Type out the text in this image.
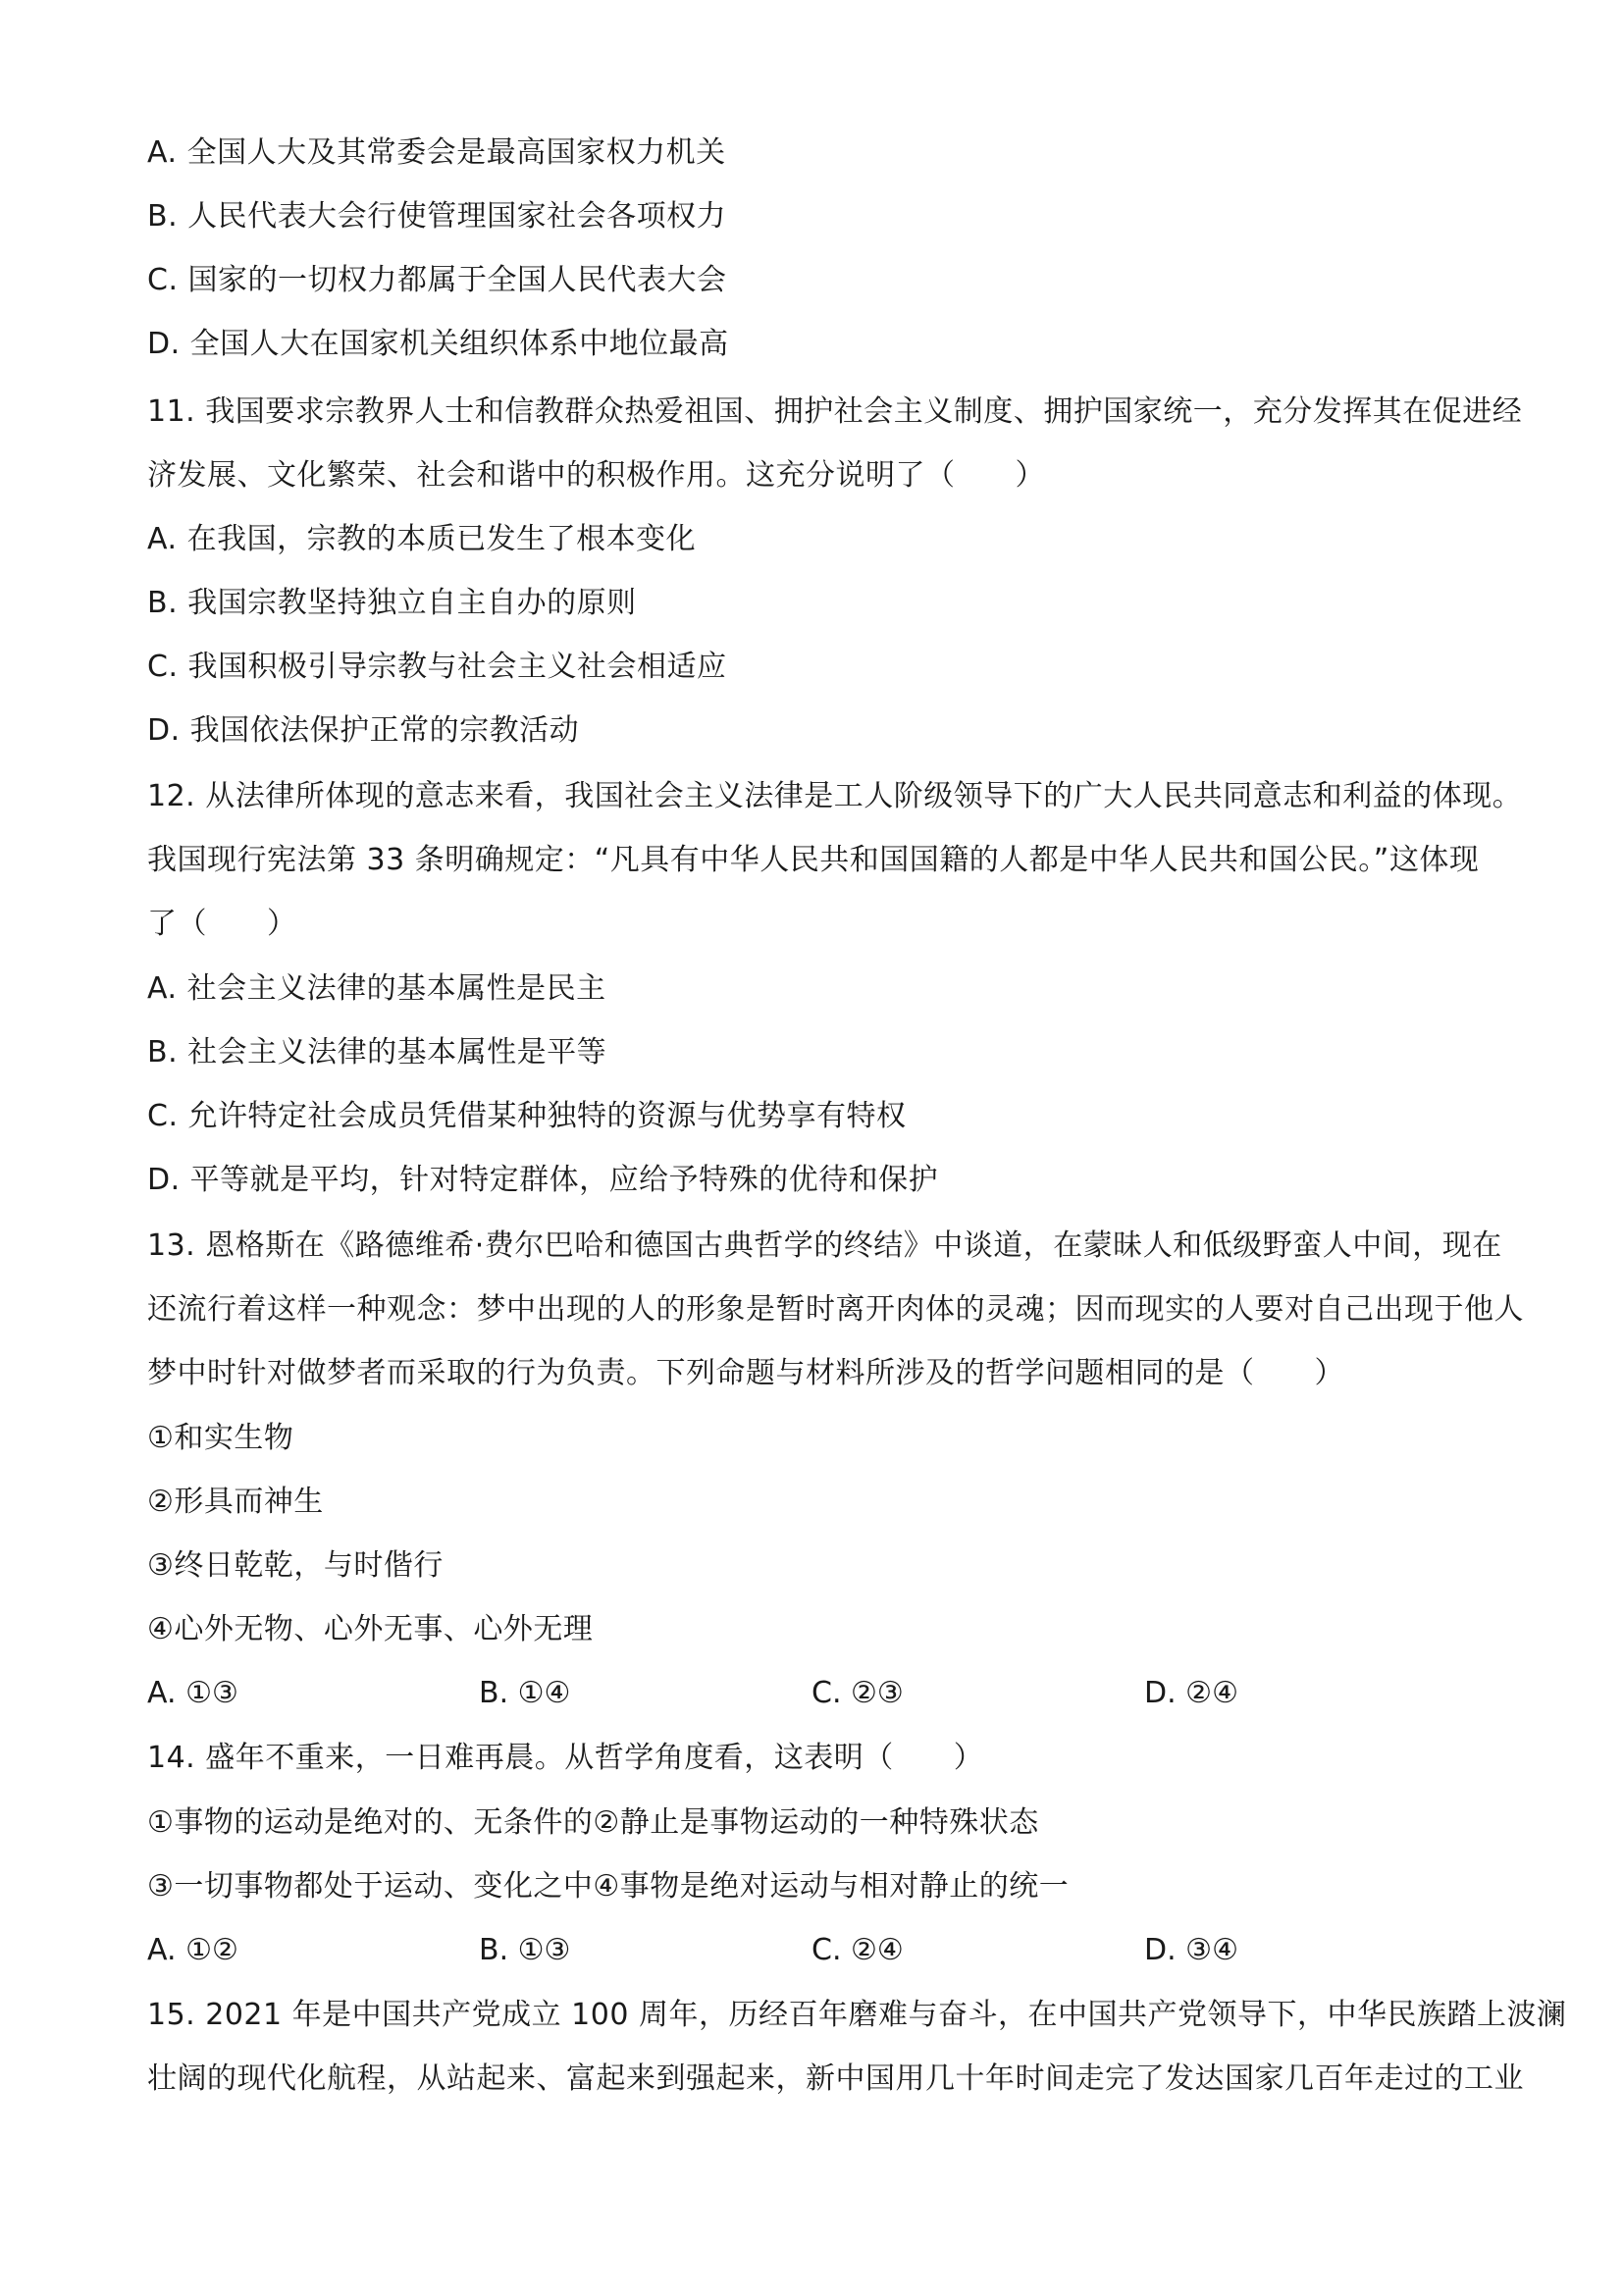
A. 全国人大及其常委会是最高国家权力机关
B. 人民代表大会行使管理国家社会各项权力
C. 国家的一切权力都属于全国人民代表大会
D. 全国人大在国家机关组织体系中地位最高
11. 我国要求宗教界人士和信教群众热爱祖国、拥护社会主义制度、拥护国家统一，充分发挥其在促进经
济发展、文化繁荣、社会和谐中的积极作用。这充分说明了（　　）
A. 在我国，宗教的本质已发生了根本变化
B. 我国宗教坚持独立自主自办的原则
C. 我国积极引导宗教与社会主义社会相适应
D. 我国依法保护正常的宗教活动
12. 从法律所体现的意志来看，我国社会主义法律是工人阶级领导下的广大人民共同意志和利益的体现。
我国现行宪法第 33 条明确规定：“凡具有中华人民共和国国籍的人都是中华人民共和国公民。”这体现
了（　　）
A. 社会主义法律的基本属性是民主
B. 社会主义法律的基本属性是平等
C. 允许特定社会成员凭借某种独特的资源与优势享有特权
D. 平等就是平均，针对特定群体，应给予特殊的优待和保护
13. 恩格斯在《路德维希·费尔巴哈和德国古典哲学的终结》中谈道，在蒙昧人和低级野蛮人中间，现在
还流行着这样一种观念：梦中出现的人的形象是暂时离开肉体的灵魂；因而现实的人要对自己出现于他人
梦中时针对做梦者而采取的行为负责。下列命题与材料所涉及的哲学问题相同的是（　　）
①和实生物
②形具而神生
③终日乾乾，与时偕行
④心外无物、心外无事、心外无理
A. ①③	B. ①④	C. ②③	D. ②④
14. 盛年不重来，一日难再晨。从哲学角度看，这表明（　　）
①事物的运动是绝对的、无条件的②静止是事物运动的一种特殊状态
③一切事物都处于运动、变化之中④事物是绝对运动与相对静止的统一
A. ①②	B. ①③	C. ②④	D. ③④
15. 2021 年是中国共产党成立 100 周年，历经百年磨难与奋斗，在中国共产党领导下，中华民族踏上波澜
壮阔的现代化航程，从站起来、富起来到强起来，新中国用几十年时间走完了发达国家几百年走过的工业
